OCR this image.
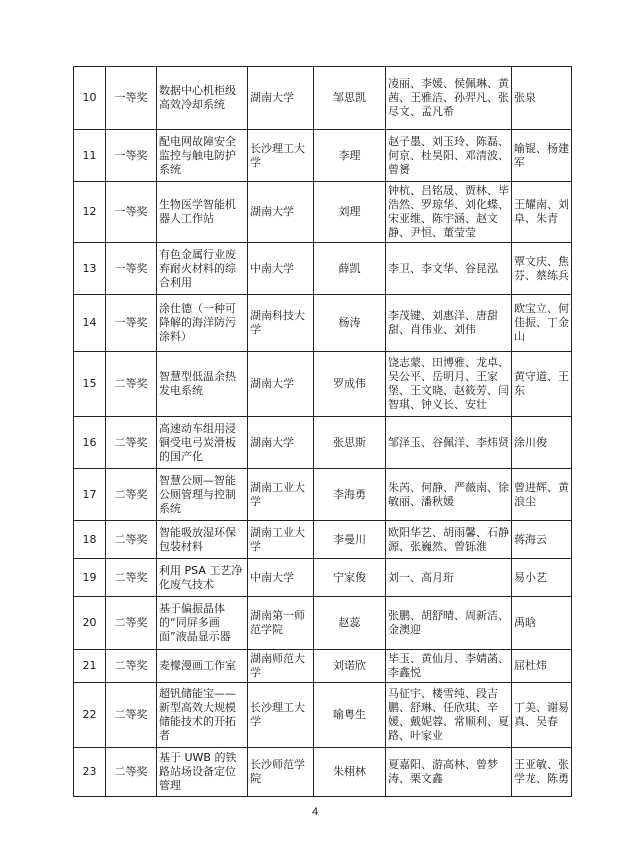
10	一等奖	数据中心机柜级高效冷却系统	湖南大学	邹思凯	凌丽、李媛、侯佩琳、黄茜、王雅洁、孙羿凡、张尽文、孟凡希	张泉
11	一等奖	配电网故障安全监控与触电防护系统	长沙理工大学	李理	赵子墨、刘玉玲、陈磊、何京、杜昊阳、邓清波、曾赟	喻锟、杨建军
12	一等奖	生物医学智能机器人工作站	湖南大学	刘理	钟杭、吕铭晟、贾林、毕浩然、罗琼华、刘化蝶、宋亚维、陈宇涵、赵文静、尹恒、董莹莹	王耀南、刘阜、朱青
13	一等奖	有色金属行业废弃耐火材料的综合利用	中南大学	薛凯	李卫、李文华、谷昆泓	覃文庆、焦芬、蔡练兵
14	一等奖	涂仕德（一种可降解的海洋防污涂料）	湖南科技大学	杨涛	李茂键、刘惠洋、唐甜甜、肖伟业、刘伟	欧宝立、何佳振、丁金山
15	二等奖	智慧型低温余热发电系统	湖南大学	罗成伟	饶志蒙、田博雅、龙卓、吴公平、岳明月、王家堡、王文晓、赵筱芳、闫智琪、钟义长、安壮	黄守道、王东
16	二等奖	高速动车组用浸铜受电弓炭滑板的国产化	湖南大学	张思斯	邹泽玉、谷佩洋、李炜贤	涂川俊
17	二等奖	智慧公厕—智能公厕管理与控制系统	湖南工业大学	李海勇	朱芮、何静、严薇南、徐敏丽、潘秋媛	曾进辉、黄浪尘
18	二等奖	智能吸放湿环保包装材料	湖南工业大学	李曼川	欧阳华艺、胡雨馨、石静源、张巍然、曾铄淮	蒋海云
19	二等奖	利用 PSA 工艺净化废气技术	中南大学	宁家俊	刘一、高月珩	易小艺
20	二等奖	基于偏振晶体的“同屏多画面”液晶显示器	湖南第一师范学院	赵蕊	张鹏、胡舒晴、周新洁、金澳迎	禹晗
21	二等奖	麦檬漫画工作室	湖南师范大学	刘诺欣	毕玉、黄仙月、李婧菡、李鑫悦	屈杜炜
22	二等奖	超钒储能宝——新型高效大规模储能技术的开拓者	长沙理工大学	喻粤生	马征宇、楼雪纯、段吉鹏、舒琳、任欣琪、辛媛、戴妮蓉、常顺利、夏路、叶家业	丁美、谢易真、吴春
23	二等奖	基于 UWB 的铁路站场设备定位管理	长沙师范学院	朱栩林	夏嘉阳、游高林、曾梦涛、栗文鑫	王亚敏、张学龙、陈勇
4
